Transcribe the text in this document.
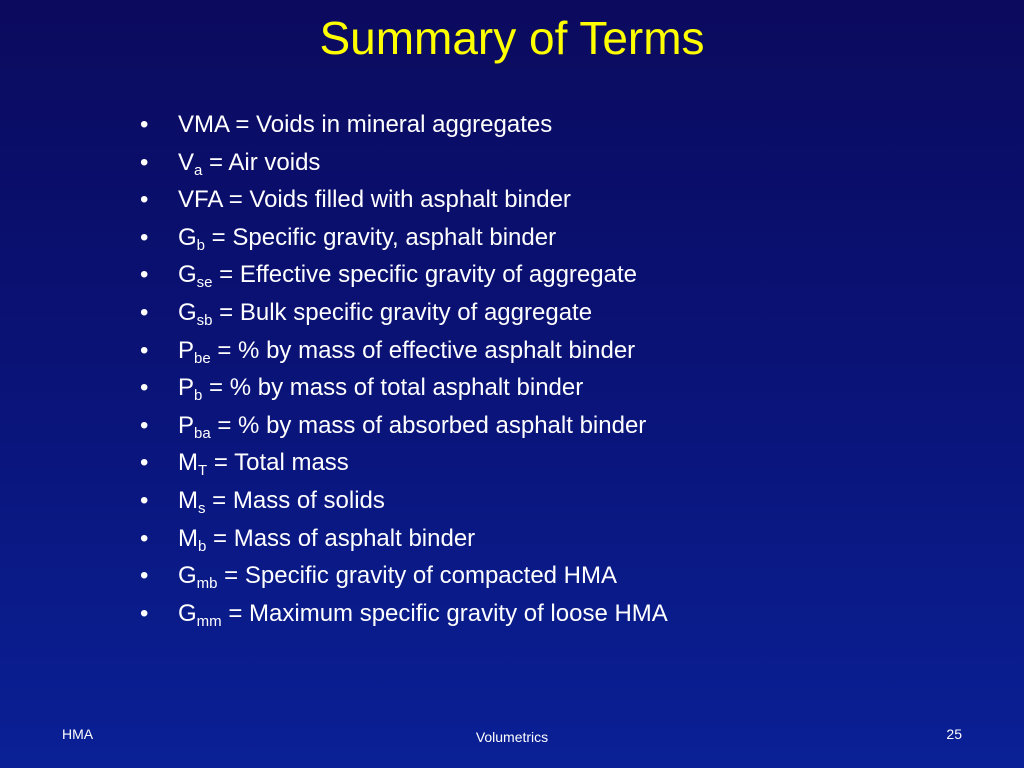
Summary of Terms
• VMA = Voids in mineral aggregates
• $V_a$ = Air voids
• VFA = Voids filled with asphalt binder
• $G_b$ = Specific gravity, asphalt binder
• $G_{se}$ = Effective specific gravity of aggregate
• $G_{sb}$ = Bulk specific gravity of aggregate
• $P_{be}$ = % by mass of effective asphalt binder
• $P_b$ = % by mass of total asphalt binder
• $P_{ba}$ = % by mass of absorbed asphalt binder
• $M_T$ = Total mass
• $M_s$ = Mass of solids
• $M_b$ = Mass of asphalt binder
• $G_{mb}$ = Specific gravity of compacted HMA
• $G_{mm}$ = Maximum specific gravity of loose HMA
HMA	Volumetrics	25
